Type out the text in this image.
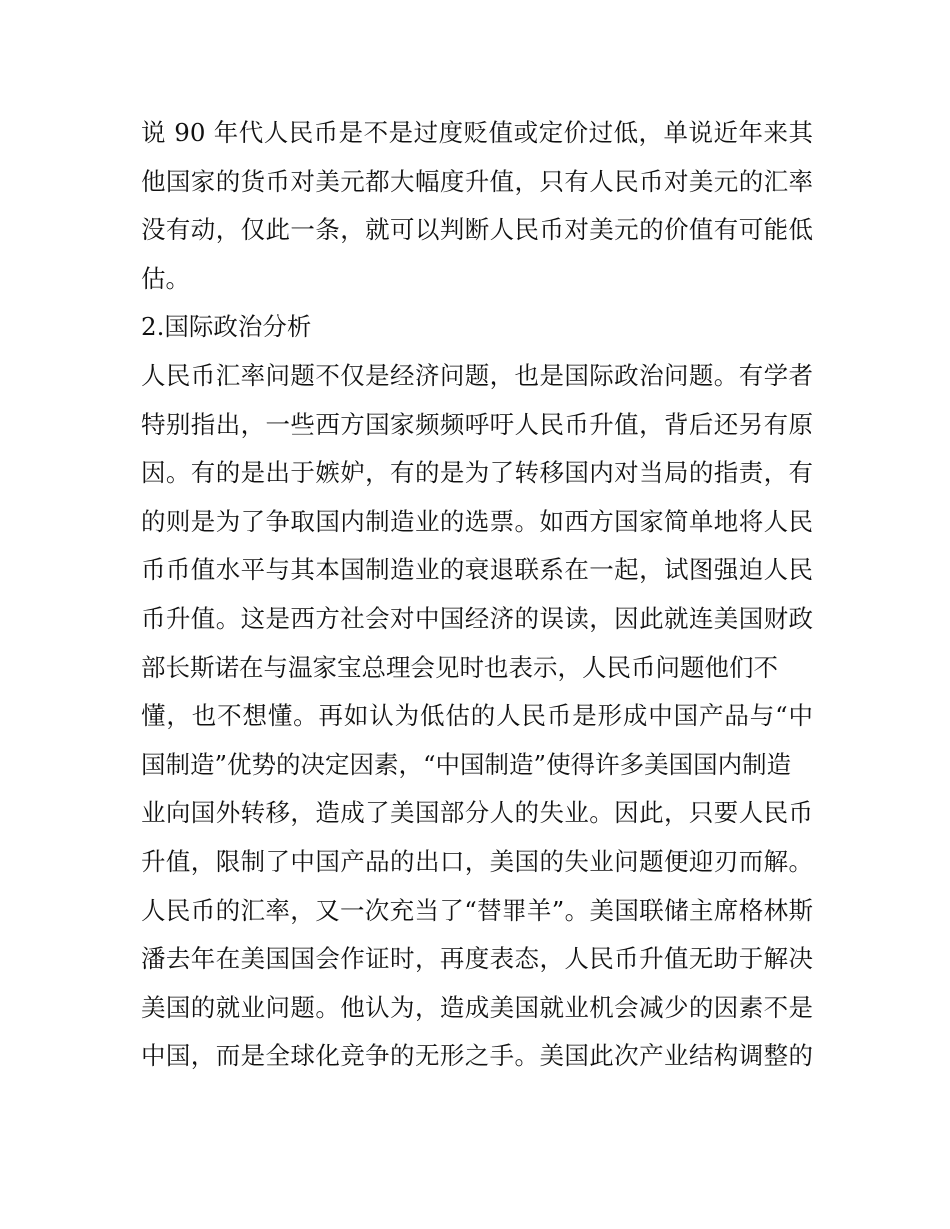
说 90 年代人民币是不是过度贬值或定价过低，单说近年来其
他国家的货币对美元都大幅度升值，只有人民币对美元的汇率
没有动，仅此一条，就可以判断人民币对美元的价值有可能低
估。
2.国际政治分析
人民币汇率问题不仅是经济问题，也是国际政治问题。有学者
特别指出，一些西方国家频频呼吁人民币升值，背后还另有原
因。有的是出于嫉妒，有的是为了转移国内对当局的指责，有
的则是为了争取国内制造业的选票。如西方国家简单地将人民
币币值水平与其本国制造业的衰退联系在一起，试图强迫人民
币升值。这是西方社会对中国经济的误读，因此就连美国财政
部长斯诺在与温家宝总理会见时也表示，人民币问题他们不
懂，也不想懂。再如认为低估的人民币是形成中国产品与“中
国制造”优势的决定因素，“中国制造”使得许多美国国内制造
业向国外转移，造成了美国部分人的失业。因此，只要人民币
升值，限制了中国产品的出口，美国的失业问题便迎刃而解。
人民币的汇率，又一次充当了“替罪羊”。美国联储主席格林斯
潘去年在美国国会作证时，再度表态，人民币升值无助于解决
美国的就业问题。他认为，造成美国就业机会减少的因素不是
中国，而是全球化竞争的无形之手。美国此次产业结构调整的
